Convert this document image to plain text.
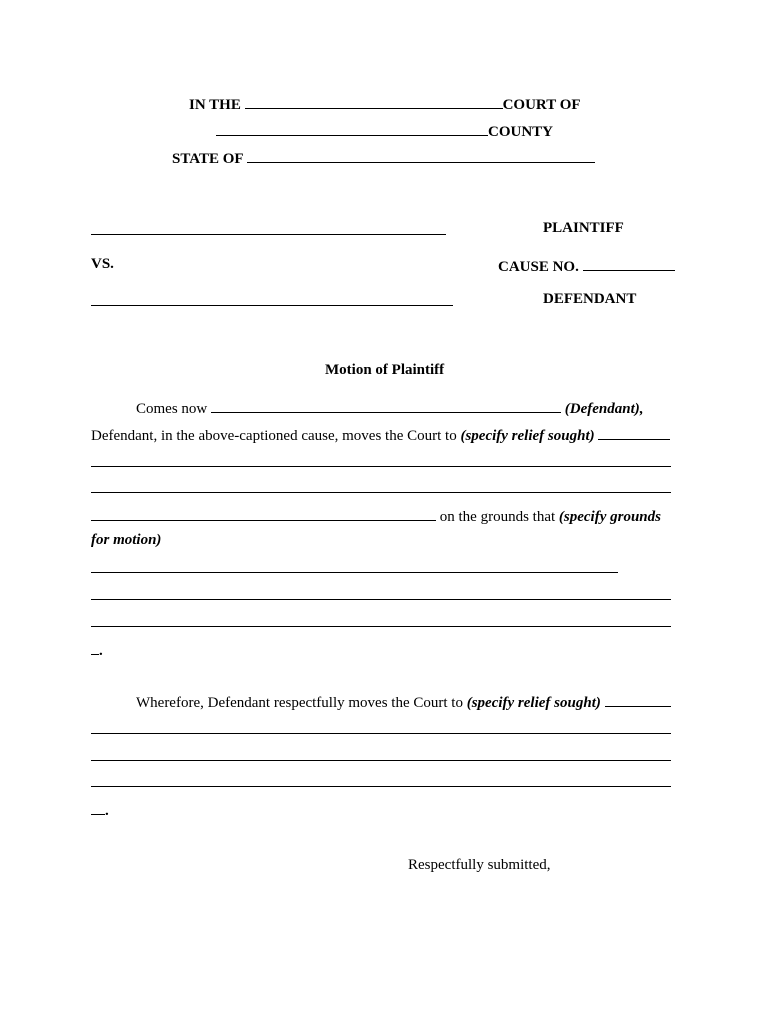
IN THE	COURT OF
COUNTY
STATE OF
PLAINTIFF
VS.	CAUSE NO.
DEFENDANT
Motion of Plaintiff
Comes now	(Defendant),
Defendant, in the above-captioned cause, moves the Court to (specify relief sought)
on the grounds that (specify grounds
for motion)
.
Wherefore, Defendant respectfully moves the Court to (specify relief sought)
.
Respectfully submitted,
